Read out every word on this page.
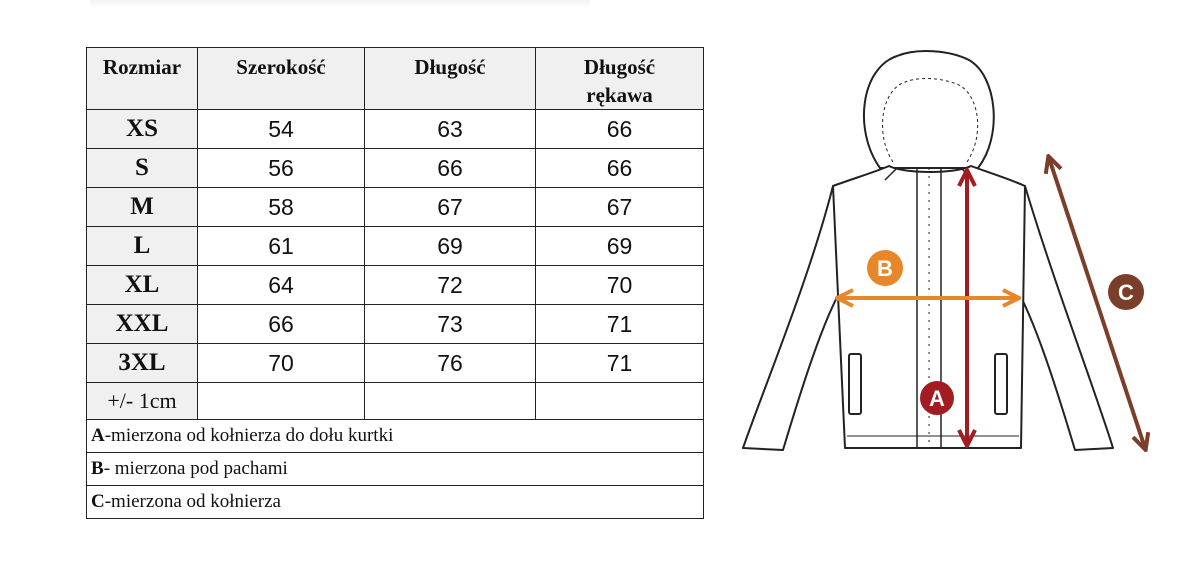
Rozmiar	Szerokość	Długość	Długość rękawa
XS	54	63	66
S	56	66	66
M	58	67	67
L	61	69	69
XL	64	72	70
XXL	66	73	71
3XL	70	76	71
+/- 1cm			
A-mierzona od kołnierza do dołu kurtki			
B- mierzona pod pachami			
C-mierzona od kołnierza			
A
B
C
